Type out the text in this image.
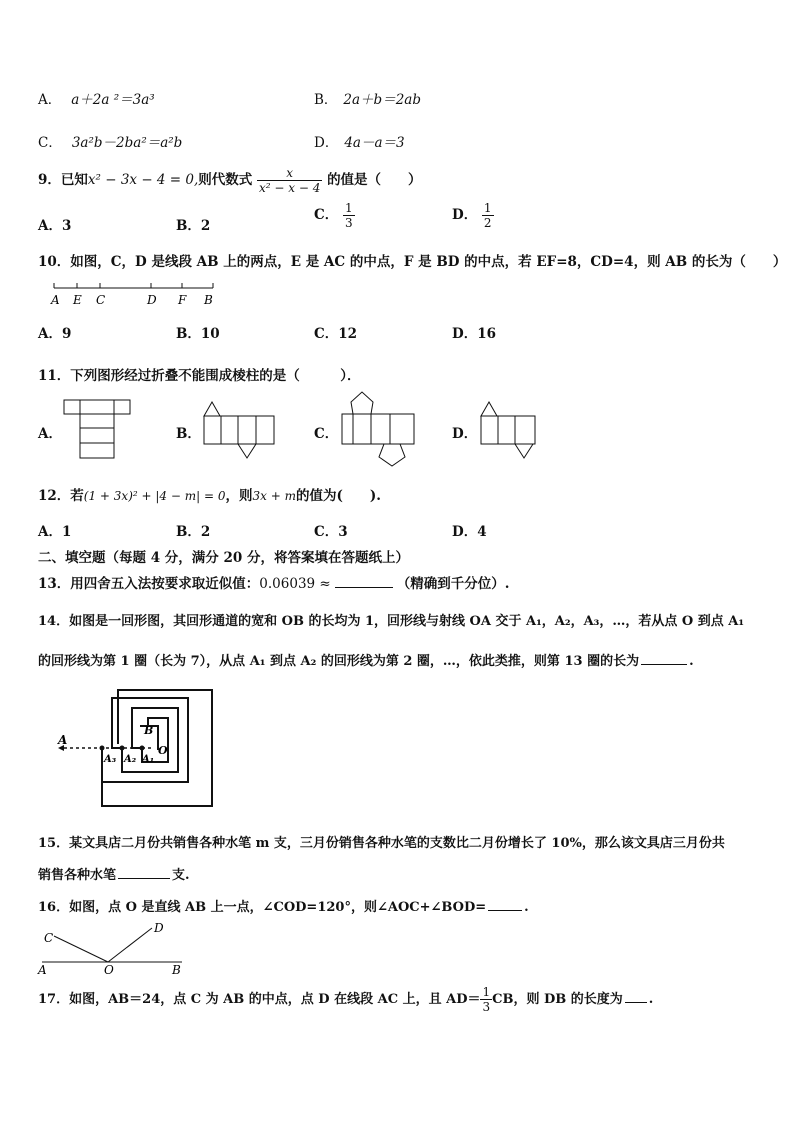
A． a＋2a ²＝3a³	B． 2a＋b＝2ab
C． 3a²b－2ba²＝a²b	D． 4a－a＝3
9．已知x² − 3x − 4 = 0,则代数式 $\frac{x}{\text{x² − x − 4}}$ 的值是（　　）
A．3	B．2
C． $\frac{1}{3}$	D． $\frac{1}{2}$
10．如图，C，D 是线段 AB 上的两点，E 是 AC 的中点，F 是 BD 的中点，若 EF=8，CD=4，则 AB 的长为（　　）
A E C	D F B
A．9	B．10	C．12	D．16
11．下列图形经过折叠不能围成棱柱的是（　　　）．
A．	B．	C．	D．
12．若(1 + 3x)² + |4 − m| = 0，则3x + m的值为(　　).
A．1	B．2	C．3	D．4
二、填空题（每题 4 分，满分 20 分，将答案填在答题纸上）
13．用四舍五入法按要求取近似值：0.06039 ≈	（精确到千分位）.
14．如图是一回形图，其回形通道的宽和 OB 的长均为 1，回形线与射线 OA 交于 A₁，A₂，A₃，…，若从点 O 到点 A₁
的回形线为第 1 圈（长为 7），从点 A₁ 到点 A₂ 的回形线为第 2 圈，…，依此类推，则第 13 圈的长为	.
A
B
O
A₁
A₂
A₃
15．某文具店二月份共销售各种水笔 m 支，三月份销售各种水笔的支数比二月份增长了 10%，那么该文具店三月份共
销售各种水笔	支.
16．如图，点 O 是直线 AB 上一点，∠COD=120°，则∠AOC+∠BOD=	.
C
D
A	O	B
17．如图，AB＝24，点 C 为 AB 的中点，点 D 在线段 AC 上，且 $AD= \frac{1}{3}$ CB，则 DB 的长度为 .
